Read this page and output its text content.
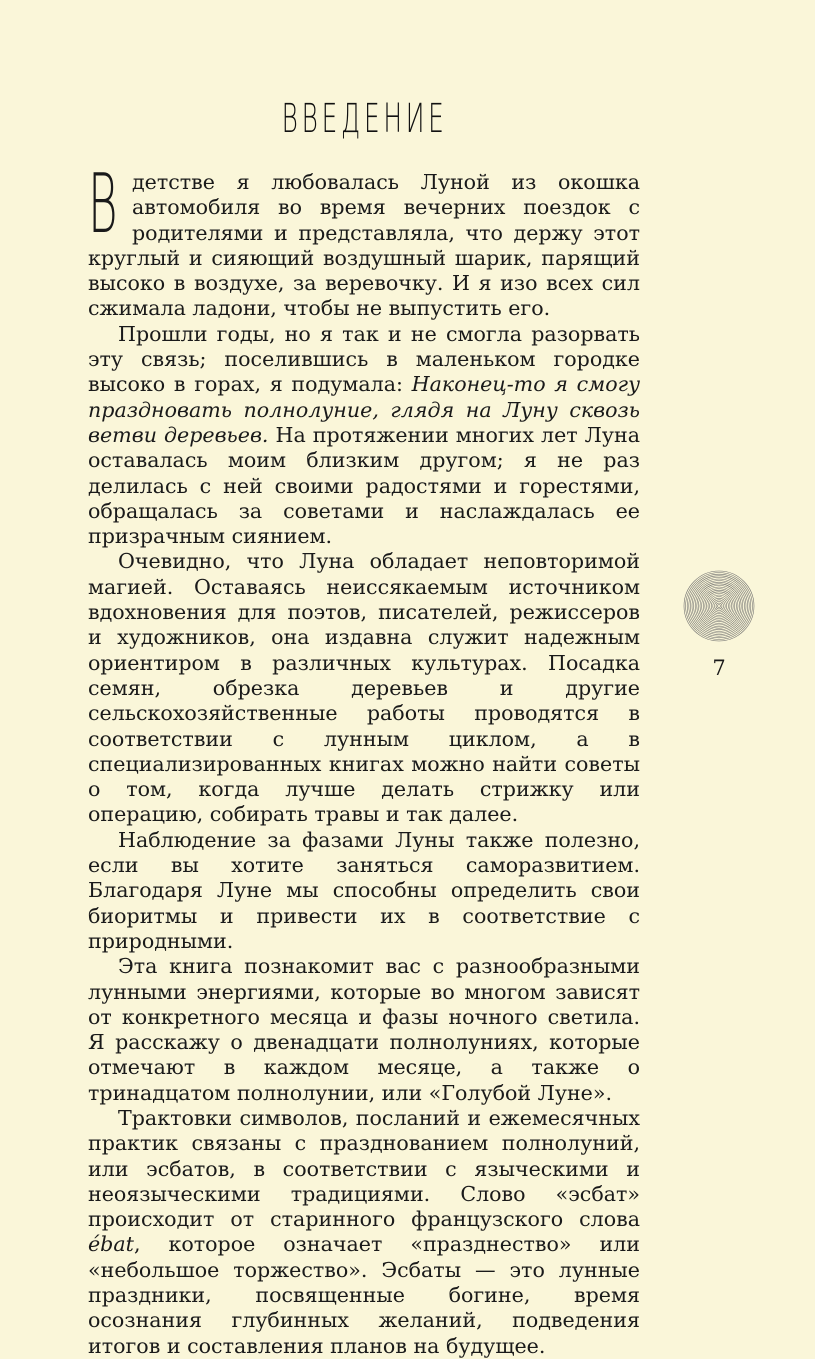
ВВЕДЕНИЕ

В детстве я любовалась Луной из окошка автомобиля во время вечерних поездок с родителями и представляла, что держу этот круглый и сияющий воздушный шарик, парящий высоко в воздухе, за веревочку. И я изо всех сил сжимала ладони, чтобы не выпустить его.

Прошли годы, но я так и не смогла разорвать эту связь; поселившись в маленьком городке высоко в горах, я подумала: Наконец-то я смогу праздновать полнолуние, глядя на Луну сквозь ветви деревьев. На протяжении многих лет Луна оставалась моим близким другом; я не раз делилась с ней своими радостями и горестями, обращалась за советами и наслаждалась ее призрачным сиянием.

Очевидно, что Луна обладает неповторимой магией. Оставаясь неиссякаемым источником вдохновения для поэтов, писателей, режиссеров и художников, она издавна служит надежным ориентиром в различных культурах. Посадка семян, обрезка деревьев и другие сельскохозяйственные работы проводятся в соответствии с лунным циклом, а в специализированных книгах можно найти советы о том, когда лучше делать стрижку или операцию, собирать травы и так далее.

Наблюдение за фазами Луны также полезно, если вы хотите заняться саморазвитием. Благодаря Луне мы способны определить свои биоритмы и привести их в соответствие с природными.

Эта книга познакомит вас с разнообразными лунными энергиями, которые во многом зависят от конкретного месяца и фазы ночного светила. Я расскажу о двенадцати полнолуниях, которые отмечают в каждом месяце, а также о тринадцатом полнолунии, или «Голубой Луне».

Трактовки символов, посланий и ежемесячных практик связаны с празднованием полнолуний, или эсбатов, в соответствии с языческими и неоязыческими традициями. Слово «эсбат» происходит от старинного французского слова ébat, которое означает «празднество» или «небольшое торжество». Эсбаты — это лунные праздники, посвященные богине, время осознания глубинных желаний, подведения итогов и составления планов на будущее.

7
